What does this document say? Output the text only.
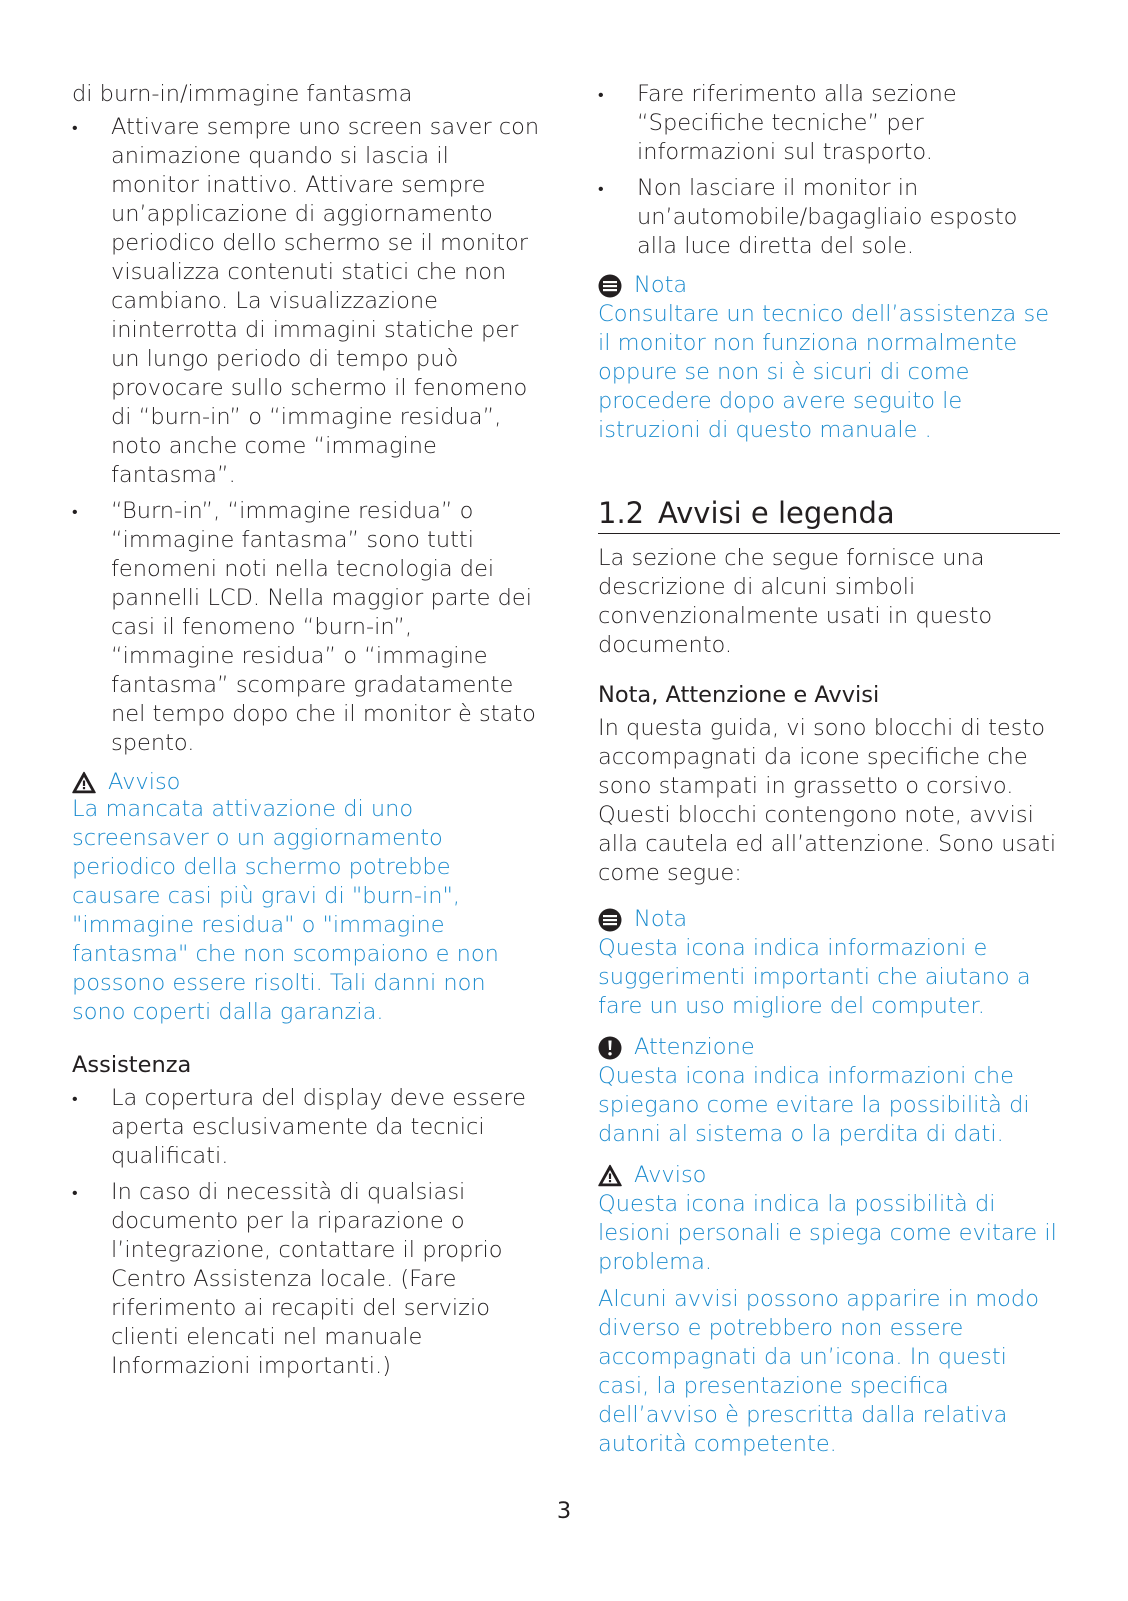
di burn-in/immagine fantasma

• Attivare sempre uno screen saver con animazione quando si lascia il monitor inattivo. Attivare sempre un’applicazione di aggiornamento periodico dello schermo se il monitor visualizza contenuti statici che non cambiano. La visualizzazione ininterrotta di immagini statiche per un lungo periodo di tempo può provocare sullo schermo il fenomeno di “burn-in” o “immagine residua”, noto anche come “immagine fantasma”.
• “Burn-in”, “immagine residua” o “immagine fantasma” sono tutti fenomeni noti nella tecnologia dei pannelli LCD. Nella maggior parte dei casi il fenomeno “burn-in”, “immagine residua” o “immagine fantasma” scompare gradatamente nel tempo dopo che il monitor è stato spento.
Avviso

La mancata attivazione di uno screensaver o un aggiornamento periodico della schermo potrebbe causare casi più gravi di "burn-in", "immagine residua" o "immagine fantasma" che non scompaiono e non possono essere risolti. Tali danni non sono coperti dalla garanzia.

Assistenza

• La copertura del display deve essere aperta esclusivamente da tecnici qualificati.
• In caso di necessità di qualsiasi documento per la riparazione o l’integrazione, contattare il proprio Centro Assistenza locale. (Fare riferimento ai recapiti del servizio clienti elencati nel manuale Informazioni importanti.)
• Fare riferimento alla sezione “Specifiche tecniche” per informazioni sul trasporto.
• Non lasciare il monitor in un’automobile/bagagliaio esposto alla luce diretta del sole.
Nota

Consultare un tecnico dell’assistenza se il monitor non funziona normalmente oppure se non si è sicuri di come procedere dopo avere seguito le istruzioni di questo manuale .

1.2 Avvisi e legenda

La sezione che segue fornisce una descrizione di alcuni simboli convenzionalmente usati in questo documento.

Nota, Attenzione e Avvisi

In questa guida, vi sono blocchi di testo accompagnati da icone specifiche che sono stampati in grassetto o corsivo. Questi blocchi contengono note, avvisi alla cautela ed all’attenzione. Sono usati come segue:

Nota

Questa icona indica informazioni e suggerimenti importanti che aiutano a fare un uso migliore del computer.

Attenzione

Questa icona indica informazioni che spiegano come evitare la possibilità di danni al sistema o la perdita di dati.

Avviso

Questa icona indica la possibilità di lesioni personali e spiega come evitare il problema.

Alcuni avvisi possono apparire in modo diverso e potrebbero non essere accompagnati da un’icona. In questi casi, la presentazione specifica dell’avviso è prescritta dalla relativa autorità competente.

3
